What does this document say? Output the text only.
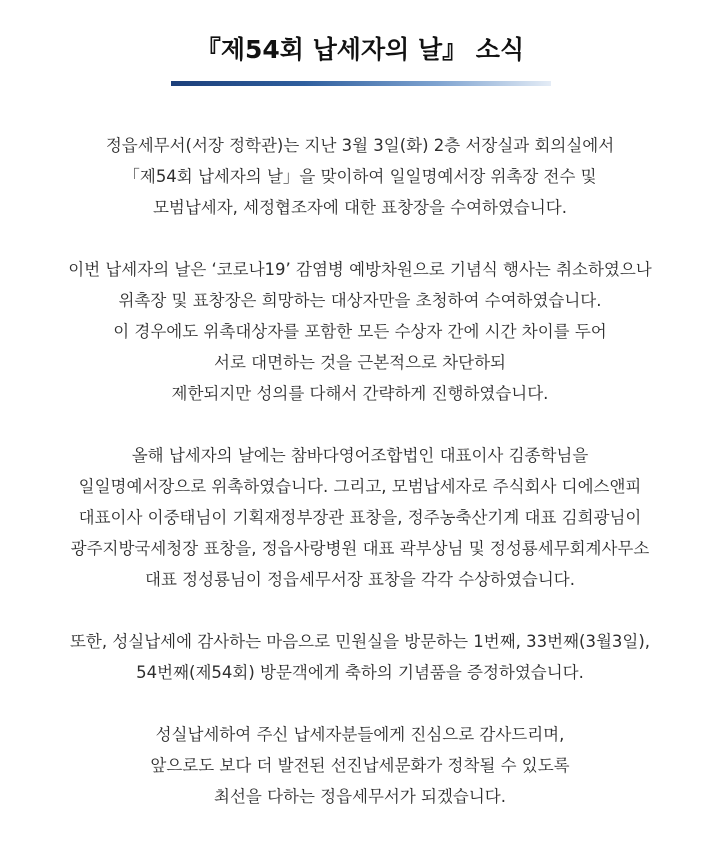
『제54회 납세자의 날』 소식
정읍세무서(서장 정학관)는 지난 3월 3일(화) 2층 서장실과 회의실에서
「제54회 납세자의 날」을 맞이하여 일일명예서장 위촉장 전수 및
모범납세자, 세정협조자에 대한 표창장을 수여하였습니다.
이번 납세자의 날은 ‘코로나19’ 감염병 예방차원으로 기념식 행사는 취소하였으나
위촉장 및 표창장은 희망하는 대상자만을 초청하여 수여하였습니다.
이 경우에도 위촉대상자를 포함한 모든 수상자 간에 시간 차이를 두어
서로 대면하는 것을 근본적으로 차단하되
제한되지만 성의를 다해서 간략하게 진행하였습니다.
올해 납세자의 날에는 참바다영어조합법인 대표이사 김종학님을
일일명예서장으로 위촉하였습니다. 그리고, 모범납세자로 주식회사 디에스앤피
대표이사 이중태님이 기획재정부장관 표창을, 정주농축산기계 대표 김희광님이
광주지방국세청장 표창을, 정읍사랑병원 대표 곽부상님 및 정성룡세무회계사무소
대표 정성룡님이 정읍세무서장 표창을 각각 수상하였습니다.
또한, 성실납세에 감사하는 마음으로 민원실을 방문하는 1번째, 33번째(3월3일),
54번째(제54회) 방문객에게 축하의 기념품을 증정하였습니다.
성실납세하여 주신 납세자분들에게 진심으로 감사드리며,
앞으로도 보다 더 발전된 선진납세문화가 정착될 수 있도록
최선을 다하는 정읍세무서가 되겠습니다.
